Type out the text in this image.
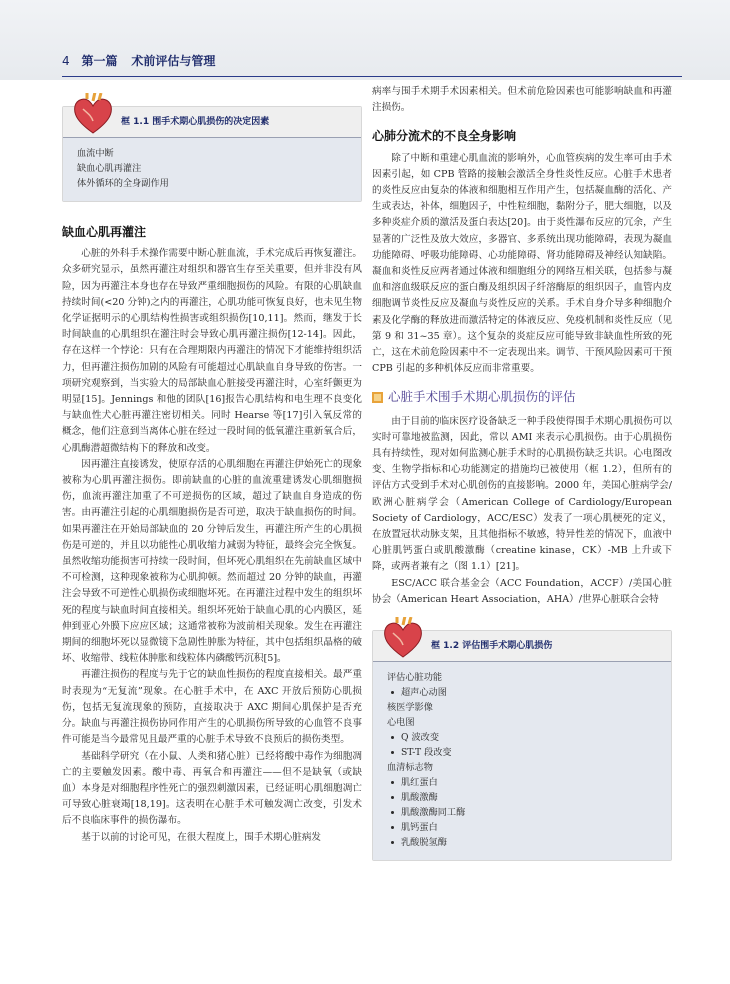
4 第一篇 术前评估与管理
框 1.1 围手术期心肌损伤的决定因素
血流中断
缺血心肌再灌注
体外循环的全身副作用
缺血心肌再灌注

心脏的外科手术操作需要中断心脏血流，手术完成后再恢复灌注。众多研究显示，虽然再灌注对组织和器官生存至关重要，但并非没有风险，因为再灌注本身也存在导致严重细胞损伤的风险。有限的心肌缺血持续时间(<20 分钟)之内的再灌注，心肌功能可恢复良好，也未见生物化学证据明示的心肌结构性损害或组织损伤[10,11]。然而，继发于长时间缺血的心肌组织在灌注时会导致心肌再灌注损伤[12-14]。因此，存在这样一个悖论：只有在合理期限内再灌注的情况下才能维持组织活力，但再灌注损伤加剧的风险有可能超过心肌缺血自身导致的伤害。一项研究观察到，当实验大的局部缺血心脏接受再灌注时，心室纤颤更为明显[15]。Jennings 和他的团队[16]报告心肌结构和电生理不良变化与缺血性犬心脏再灌注密切相关。同时 Hearse 等[17]引入氧反常的概念，他们注意到当离体心脏在经过一段时间的低氧灌注重新氧合后，心肌酶潜超微结构下的释放和改变。

因再灌注直接诱发，使原存活的心肌细胞在再灌注伊始死亡的现象被称为心肌再灌注损伤。即前缺血的心脏的血流重建诱发心肌细胞损伤，血流再灌注加重了不可逆损伤的区域，超过了缺血自身造成的伤害。由再灌注引起的心肌细胞损伤是否可逆，取决于缺血损伤的时间。如果再灌注在开始局部缺血的 20 分钟后发生，再灌注所产生的心肌损伤是可逆的，并且以功能性心肌收缩力减弱为特征，最终会完全恢复。虽然收缩功能损害可持续一段时间，但坏死心肌组织在先前缺血区域中不可检测，这种现象被称为心肌抑顿。然而超过 20 分钟的缺血，再灌注会导致不可逆性心肌损伤或细胞坏死。在再灌注过程中发生的组织坏死的程度与缺血时间直接相关。组织坏死始于缺血心肌的心内膜区，延伸到亚心外膜下应应区域；这通常被称为波前相关现象。发生在再灌注期间的细胞坏死以显微镜下急剧性肿胀为特征，其中包括组织晶格的破坏、收缩带、线粒体肿胀和线粒体内磷酸钙沉积[5]。

再灌注损伤的程度与先于它的缺血性损伤的程度直接相关。最严重时表现为“无复流”现象。在心脏手术中，在 AXC 开放后预防心肌损伤，包括无复流现象的预防，直接取决于 AXC 期间心肌保护是否充分。缺血与再灌注损伤协同作用产生的心肌损伤所导致的心血管不良事件可能是当今最常见且最严重的心脏手术导致不良预后的损伤类型。

基础科学研究（在小鼠、人类和猪心脏）已经将酸中毒作为细胞凋亡的主要触发因素。酸中毒、再氧合和再灌注——但不是缺氧（或缺血）本身是对细胞程序性死亡的强烈刺激因素，已经证明心肌细胞凋亡可导致心脏衰竭[18,19]。这表明在心脏手术可触发凋亡改变，引发术后不良临床事件的损伤瀑布。

基于以前的讨论可见，在很大程度上，围手术期心脏病发

病率与围手术期手术因素相关。但术前危险因素也可能影响缺血和再灌注损伤。

心肺分流术的不良全身影响

除了中断和重建心肌血流的影响外，心血管疾病的发生率可由手术因素引起，如 CPB 管路的接触会激活全身性炎性反应。心脏手术患者的炎性反应由复杂的体液和细胞相互作用产生，包括凝血酶的活化、产生或表达，补体，细胞因子，中性粒细胞，黏附分子，肥大细胞，以及多种炎症介质的激活及蛋白表达[20]。由于炎性瀑布反应的冗余，产生显著的广泛性及放大效应，多器官、多系统出现功能障碍，表现为凝血功能障碍、呼吸功能障碍、心功能障碍、肾功能障碍及神经认知缺陷。凝血和炎性反应两者通过体液和细胞组分的网络互相关联，包括参与凝血和溶血级联反应的蛋白酶及组织因子纤溶酶原的组织因子，血管内皮细胞调节炎性反应及凝血与炎性反应的关系。手术自身介导多种细胞介素及化学酶的释放进而激活特定的体液反应、免疫机制和炎性反应（见第 9 和 31~35 章）。这个复杂的炎症反应可能导致非缺血性所致的死亡，这在术前危险因素中不一定表现出来。调节、干预风险因素可干预 CPB 引起的多种机体反应而非常重要。

心脏手术围手术期心肌损伤的评估

由于目前的临床医疗设备缺乏一种手段使得围手术期心肌损伤可以实时可靠地被监测，因此，常以 AMI 来表示心肌损伤。由于心肌损伤具有持续性，现对如何监测心脏手术时的心肌损伤缺乏共识。心电图改变、生物学指标和心功能测定的措施均已被使用（框 1.2），但所有的评估方式受到手术对心肌创伤的直接影响。2000 年，美国心脏病学会/欧洲心脏病学会（American College of Cardiology/European Society of Cardiology，ACC/ESC）发表了一项心肌梗死的定义，在放置冠状动脉支架，且其他指标不敏感，特异性差的情况下，血液中心脏肌钙蛋白或肌酸激酶（creatine kinase，CK）-MB 上升或下降，或两者兼有之（图 1.1）[21]。

ESC/ACC 联合基金会（ACC Foundation，ACCF）/美国心脏协会（American Heart Association，AHA）/世界心脏联合会特

框 1.2 评估围手术期心肌损伤
评估心脏功能
超声心动图
核医学影像
心电图
Q 波改变
ST-T 段改变
血清标志物
肌红蛋白
肌酸激酶
肌酸激酶同工酶
肌钙蛋白
乳酸脱氢酶
